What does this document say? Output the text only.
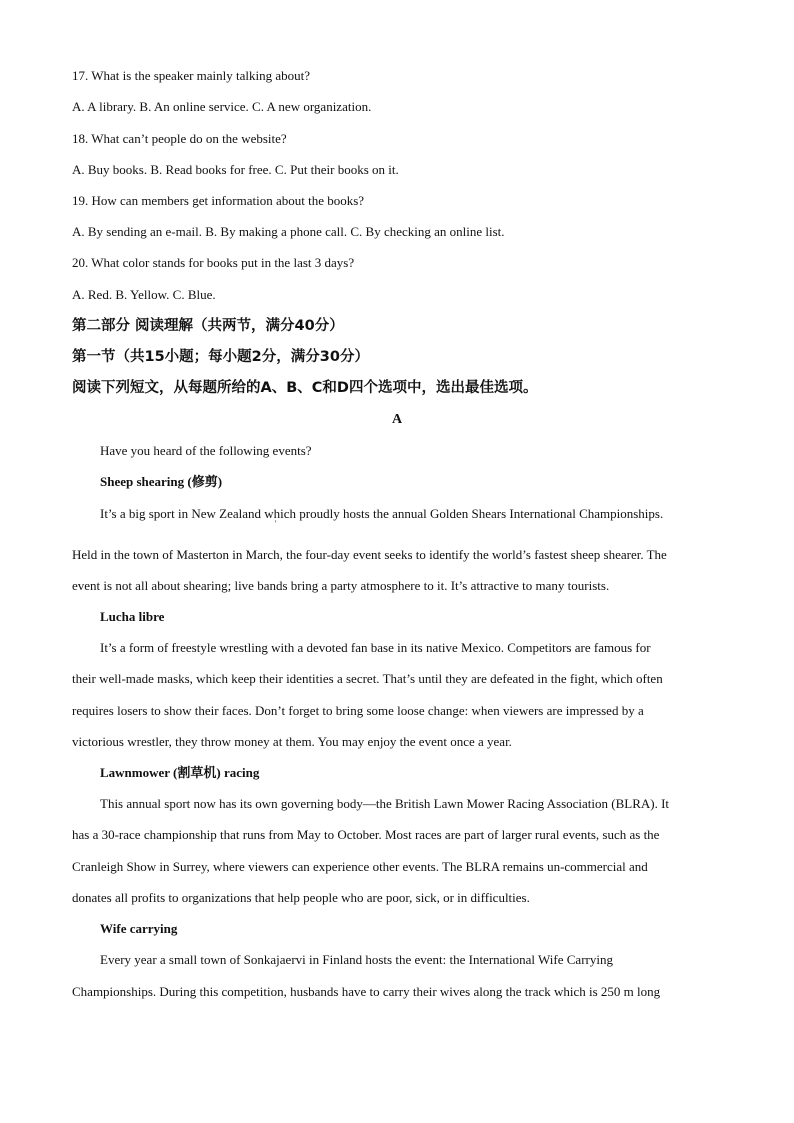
17. What is the speaker mainly talking about?
A. A library. B. An online service. C. A new organization.
18. What can’t people do on the website?
A. Buy books. B. Read books for free. C. Put their books on it.
19. How can members get information about the books?
A. By sending an e-mail. B. By making a phone call. C. By checking an online list.
20. What color stands for books put in the last 3 days?
A. Red. B. Yellow. C. Blue.
第二部分 阅读理解（共两节，满分40分）
第一节（共15小题；每小题2分，满分30分）
阅读下列短文，从每题所给的A、B、C和D四个选项中，选出最佳选项。
A
Have you heard of the following events?
Sheep shearing (修剪)
It’s a big sport in New Zealand which proudly hosts the annual Golden Shears International Championships.
'
Held in the town of Masterton in March, the four-day event seeks to identify the world’s fastest sheep shearer. The
event is not all about shearing; live bands bring a party atmosphere to it. It’s attractive to many tourists.
Lucha libre
It’s a form of freestyle wrestling with a devoted fan base in its native Mexico. Competitors are famous for
their well-made masks, which keep their identities a secret. That’s until they are defeated in the fight, which often
requires losers to show their faces. Don’t forget to bring some loose change: when viewers are impressed by a
victorious wrestler, they throw money at them. You may enjoy the event once a year.
Lawnmower (割草机) racing
This annual sport now has its own governing body—the British Lawn Mower Racing Association (BLRA). It
has a 30-race championship that runs from May to October. Most races are part of larger rural events, such as the
Cranleigh Show in Surrey, where viewers can experience other events. The BLRA remains un-commercial and
donates all profits to organizations that help people who are poor, sick, or in difficulties.
Wife carrying
Every year a small town of Sonkajaervi in Finland hosts the event: the International Wife Carrying
Championships. During this competition, husbands have to carry their wives along the track which is 250 m long
